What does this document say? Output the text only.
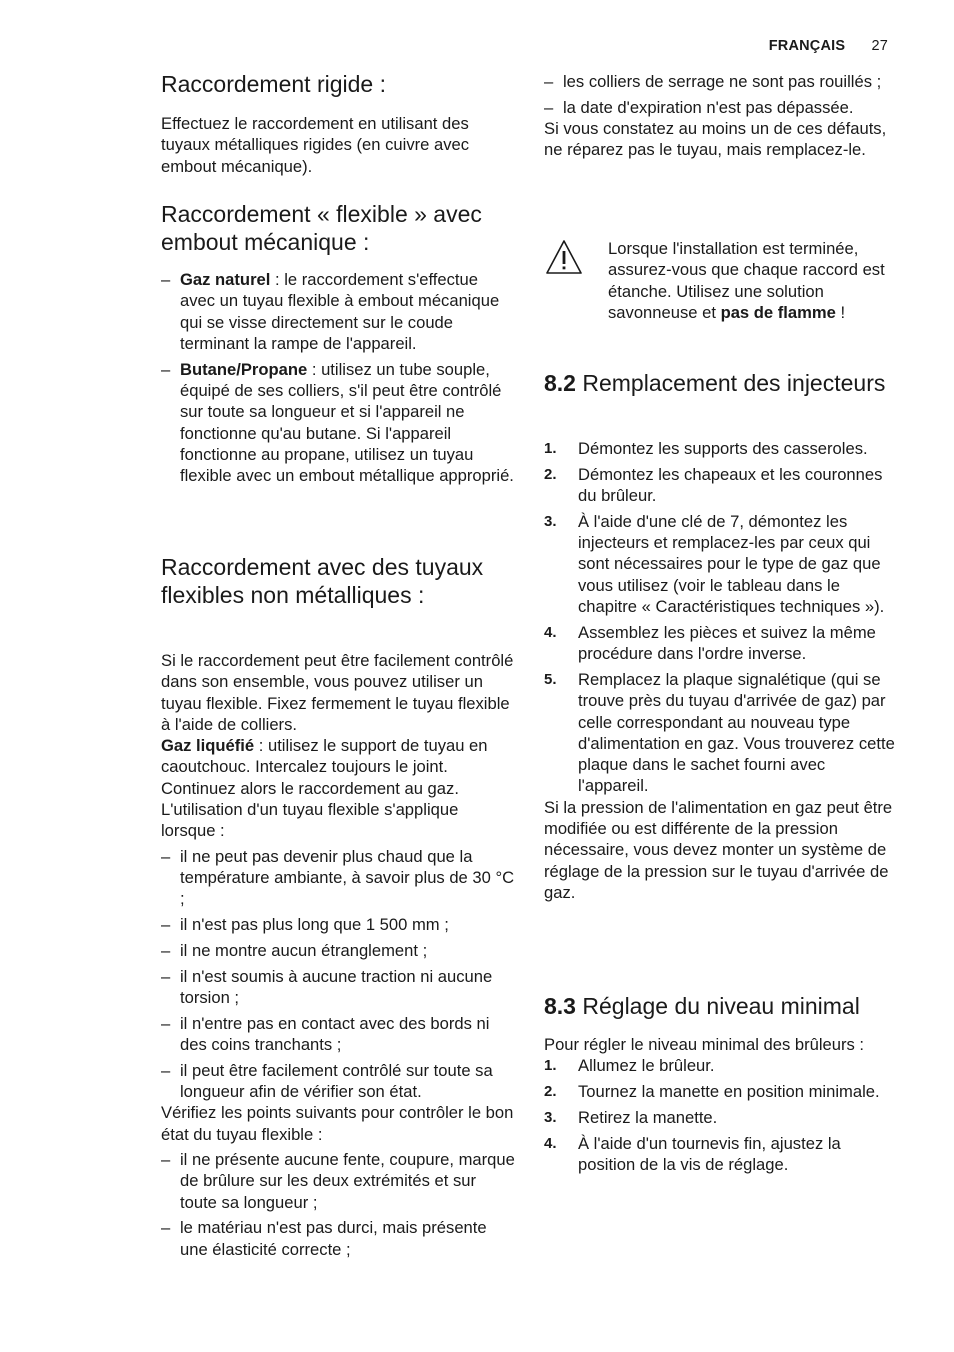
FRANÇAIS 27
Raccordement rigide :

Effectuez le raccordement en utilisant des tuyaux métalliques rigides (en cuivre avec embout mécanique).

Raccordement « flexible » avec embout mécanique :
– Gaz naturel : le raccordement s'effectue avec un tuyau flexible à embout mécanique qui se visse directement sur le coude terminant la rampe de l'appareil.
– Butane/Propane : utilisez un tube souple, équipé de ses colliers, s'il peut être contrôlé sur toute sa longueur et si l'appareil ne fonctionne qu'au butane. Si l'appareil fonctionne au propane, utilisez un tuyau flexible avec un embout métallique approprié.
Raccordement avec des tuyaux flexibles non métalliques :

Si le raccordement peut être facilement contrôlé dans son ensemble, vous pouvez utiliser un tuyau flexible. Fixez fermement le tuyau flexible à l'aide de colliers.

Gaz liquéfié : utilisez le support de tuyau en caoutchouc. Intercalez toujours le joint. Continuez alors le raccordement au gaz. L'utilisation d'un tuyau flexible s'applique lorsque :

– il ne peut pas devenir plus chaud que la température ambiante, à savoir plus de 30 °C ;
– il n'est pas plus long que 1 500 mm ;
– il ne montre aucun étranglement ;
– il n'est soumis à aucune traction ni aucune torsion ;
– il n'entre pas en contact avec des bords ni des coins tranchants ;
– il peut être facilement contrôlé sur toute sa longueur afin de vérifier son état.

Vérifiez les points suivants pour contrôler le bon état du tuyau flexible :

– il ne présente aucune fente, coupure, marque de brûlure sur les deux extrémités et sur toute sa longueur ;
– le matériau n'est pas durci, mais présente une élasticité correcte ;
– les colliers de serrage ne sont pas rouillés ;
– la date d'expiration n'est pas dépassée.

Si vous constatez au moins un de ces défauts, ne réparez pas le tuyau, mais remplacez-le.

Lorsque l'installation est terminée, assurez-vous que chaque raccord est étanche. Utilisez une solution savonneuse et pas de flamme !

8.2 Remplacement des injecteurs
1. Démontez les supports des casseroles.
2. Démontez les chapeaux et les couronnes du brûleur.
3. À l'aide d'une clé de 7, démontez les injecteurs et remplacez-les par ceux qui sont nécessaires pour le type de gaz que vous utilisez (voir le tableau dans le chapitre « Caractéristiques techniques »).
4. Assemblez les pièces et suivez la même procédure dans l'ordre inverse.
5. Remplacez la plaque signalétique (qui se trouve près du tuyau d'arrivée de gaz) par celle correspondant au nouveau type d'alimentation en gaz. Vous trouverez cette plaque dans le sachet fourni avec l'appareil.

Si la pression de l'alimentation en gaz peut être modifiée ou est différente de la pression nécessaire, vous devez monter un système de réglage de la pression sur le tuyau d'arrivée de gaz.

8.3 Réglage du niveau minimal

Pour régler le niveau minimal des brûleurs :

1. Allumez le brûleur.
2. Tournez la manette en position minimale.
3. Retirez la manette.
4. À l'aide d'un tournevis fin, ajustez la position de la vis de réglage.
